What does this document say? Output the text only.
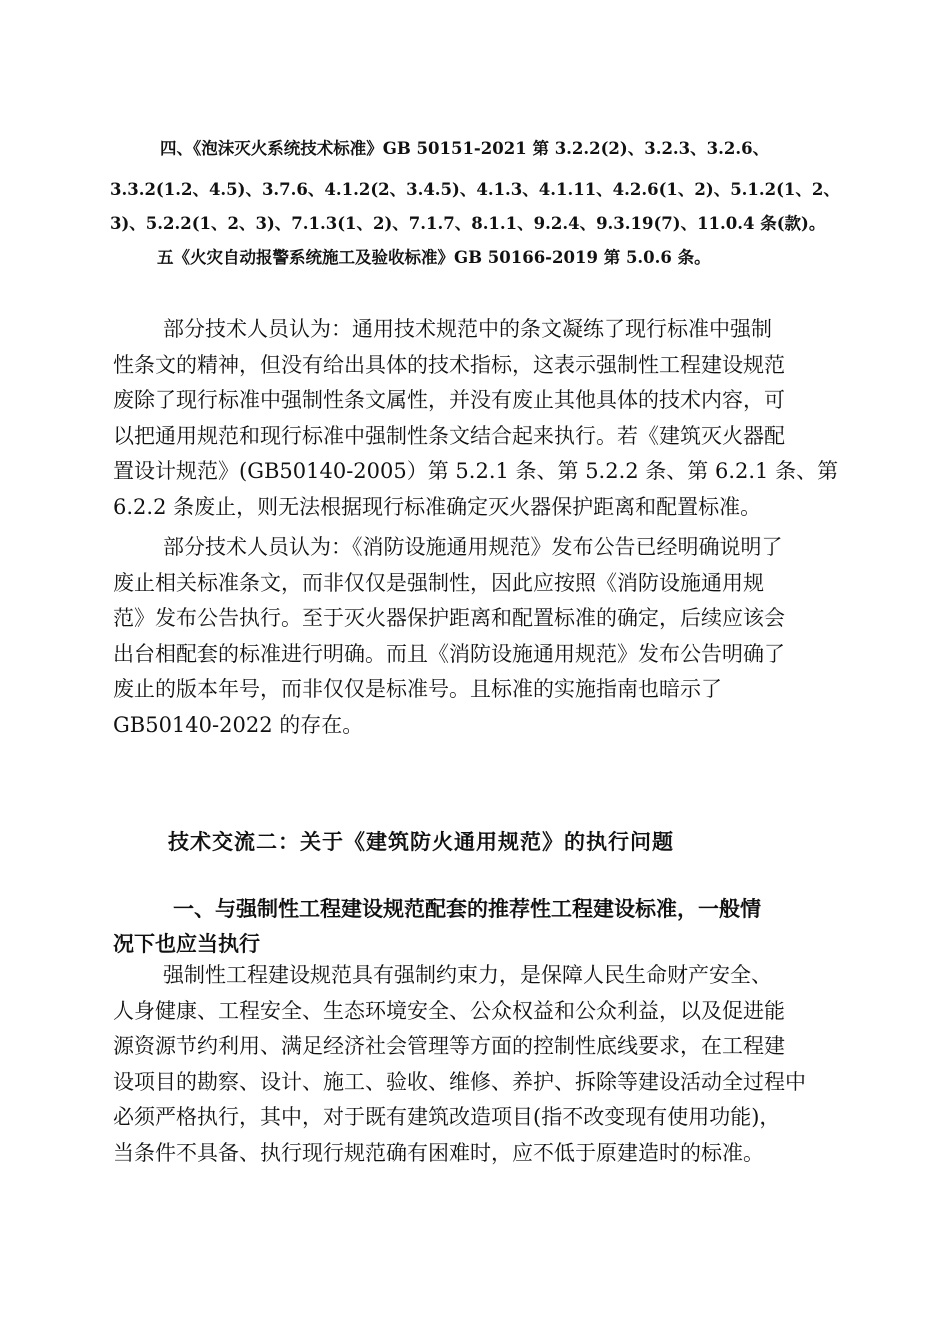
四、《泡沫灭火系统技术标准》GB 50151-2021 第 3.2.2(2)、3.2.3、3.2.6、
3.3.2(1.2、4.5)、3.7.6、4.1.2(2、3.4.5)、4.1.3、4.1.11、4.2.6(1、2)、5.1.2(1、2、
3)、5.2.2(1、2、3)、7.1.3(1、2)、7.1.7、8.1.1、9.2.4、9.3.19(7)、11.0.4 条(款)。
五《火灾自动报警系统施工及验收标准》GB 50166-2019 第 5.0.6 条。
部分技术人员认为：通用技术规范中的条文凝练了现行标准中强制
性条文的精神，但没有给出具体的技术指标，这表示强制性工程建设规范
废除了现行标准中强制性条文属性，并没有废止其他具体的技术内容，可
以把通用规范和现行标准中强制性条文结合起来执行。若《建筑灭火器配
置设计规范》(GB50140-2005）第 5.2.1 条、第 5.2.2 条、第 6.2.1 条、第
6.2.2 条废止，则无法根据现行标准确定灭火器保护距离和配置标准。
部分技术人员认为：《消防设施通用规范》发布公告已经明确说明了
废止相关标准条文，而非仅仅是强制性，因此应按照《消防设施通用规
范》发布公告执行。至于灭火器保护距离和配置标准的确定，后续应该会
出台相配套的标准进行明确。而且《消防设施通用规范》发布公告明确了
废止的版本年号，而非仅仅是标准号。且标准的实施指南也暗示了
GB50140-2022 的存在。
技术交流二：关于《建筑防火通用规范》的执行问题
一、与强制性工程建设规范配套的推荐性工程建设标准，一般情
况下也应当执行
强制性工程建设规范具有强制约束力，是保障人民生命财产安全、
人身健康、工程安全、生态环境安全、公众权益和公众利益，以及促进能
源资源节约利用、满足经济社会管理等方面的控制性底线要求，在工程建
设项目的勘察、设计、施工、验收、维修、养护、拆除等建设活动全过程中
必须严格执行，其中，对于既有建筑改造项目(指不改变现有使用功能)，
当条件不具备、执行现行规范确有困难时，应不低于原建造时的标准。
